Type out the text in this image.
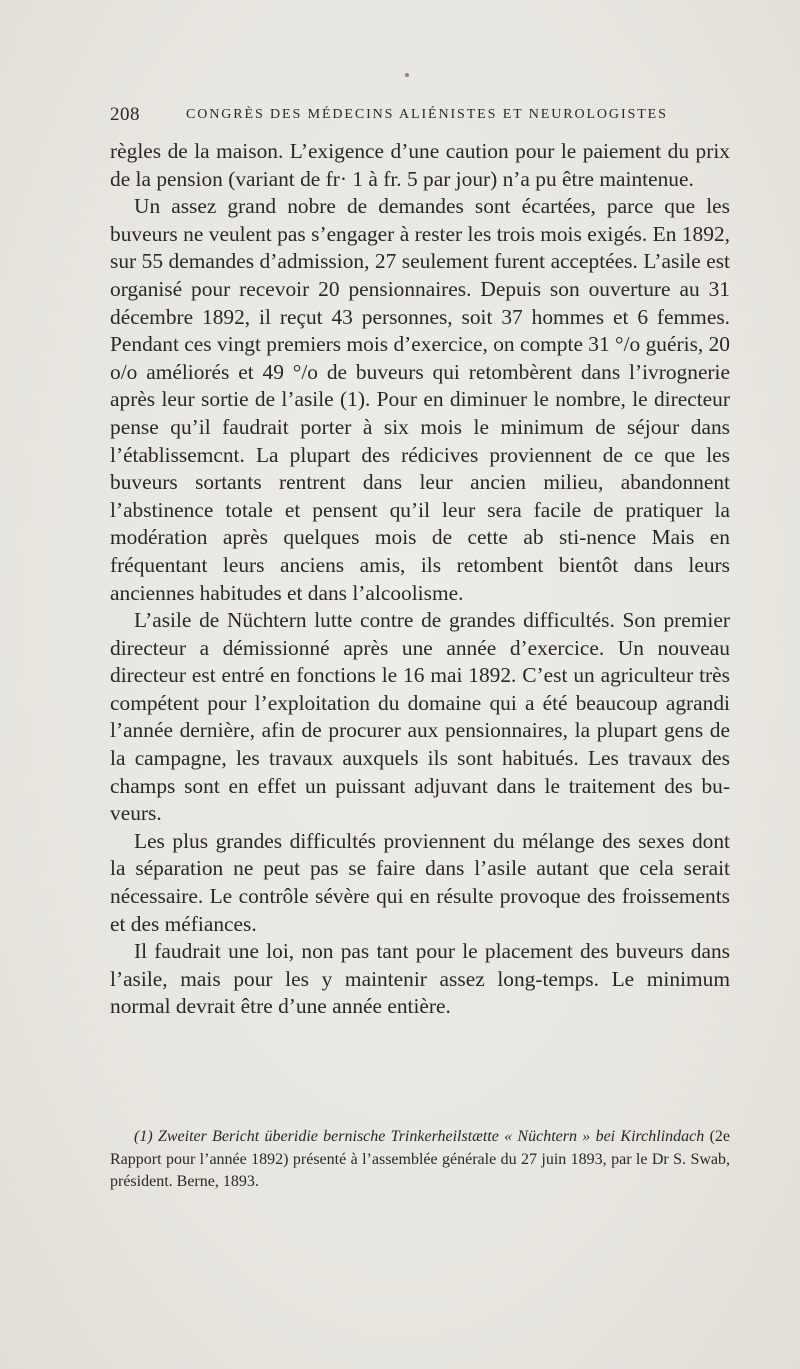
208	CONGRÈS DES MÉDECINS ALIÉNISTES ET NEUROLOGISTES

règles de la maison. L’exigence d’une caution pour le paiement du prix de la pension (variant de fr· 1 à fr. 5 par jour) n’a pu être maintenue.

Un assez grand nobre de demandes sont écartées, parce que les buveurs ne veulent pas s’engager à rester les trois mois exigés. En 1892, sur 55 demandes d’admission, 27 seulement furent acceptées. L’asile est organisé pour recevoir 20 pensionnaires. Depuis son ouverture au 31 décembre 1892, il reçut 43 personnes, soit 37 hommes et 6 femmes. Pendant ces vingt premiers mois d’exercice, on compte 31 °/o guéris, 20 o/o améliorés et 49 °/o de buveurs qui retombèrent dans l’ivrognerie après leur sortie de l’asile (1). Pour en diminuer le nombre, le directeur pense qu’il faudrait porter à six mois le minimum de séjour dans l’établissemcnt. La plupart des rédicives proviennent de ce que les buveurs sortants rentrent dans leur ancien milieu, abandonnent l’abstinence totale et pensent qu’il leur sera facile de pratiquer la modération après quelques mois de cette ab sti-nence Mais en fréquentant leurs anciens amis, ils retombent bientôt dans leurs anciennes habitudes et dans l’alcoolisme.

L’asile de Nüchtern lutte contre de grandes difficultés. Son premier directeur a démissionné après une année d’exercice. Un nouveau directeur est entré en fonctions le 16 mai 1892. C’est un agriculteur très compétent pour l’exploitation du domaine qui a été beaucoup agrandi l’année dernière, afin de procurer aux pensionnaires, la plupart gens de la campagne, les travaux auxquels ils sont habitués. Les travaux des champs sont en effet un puissant adjuvant dans le traitement des bu-veurs.

Les plus grandes difficultés proviennent du mélange des sexes dont la séparation ne peut pas se faire dans l’asile autant que cela serait nécessaire. Le contrôle sévère qui en résulte provoque des froissements et des méfiances.

Il faudrait une loi, non pas tant pour le placement des buveurs dans l’asile, mais pour les y maintenir assez long-temps. Le minimum normal devrait être d’une année entière.

(1) Zweiter Bericht überidie bernische Trinkerheilstætte « Nüchtern » bei Kirchlindach (2e Rapport pour l’année 1892) présenté à l’assemblée générale du 27 juin 1893, par le Dr S. Swab, président. Berne, 1893.
